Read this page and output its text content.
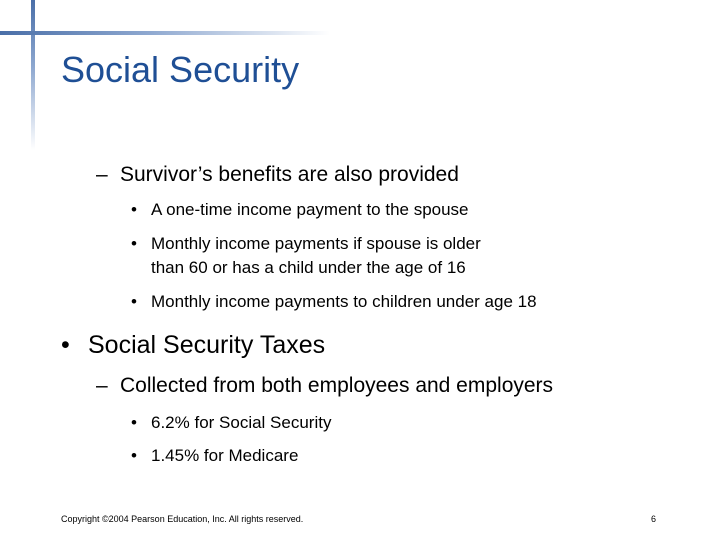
Social Security
– Survivor’s benefits are also provided
• A one-time income payment to the spouse
• Monthly income payments if spouse is older
than 60 or has a child under the age of 16
• Monthly income payments to children under age 18
• Social Security Taxes
– Collected from both employees and employers
• 6.2% for Social Security
• 1.45% for Medicare
Copyright ©2004 Pearson Education, Inc. All rights reserved.	6
